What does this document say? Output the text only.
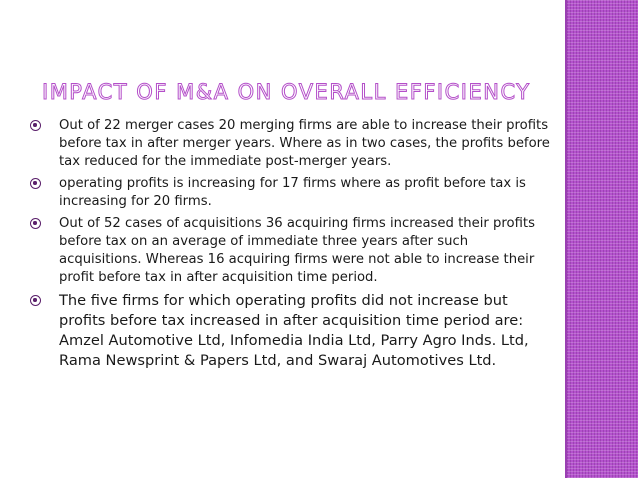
IMPACT OF M&A ON OVERALL EFFICIENCY
Out of 22 merger cases 20 merging firms are able to increase their profits before tax in after merger years. Where as in two cases, the profits before tax reduced for the immediate post-merger years.
operating profits is increasing for 17 firms where as profit before tax is increasing for 20 firms.
Out of 52 cases of acquisitions 36 acquiring firms increased their profits before tax on an average of immediate three years after such acquisitions. Whereas 16 acquiring firms were not able to increase their profit before tax in after acquisition time period.
The five firms for which operating profits did not increase but profits before tax increased in after acquisition time period are: Amzel Automotive Ltd, Infomedia India Ltd, Parry Agro Inds. Ltd, Rama Newsprint & Papers Ltd, and Swaraj Automotives Ltd.
